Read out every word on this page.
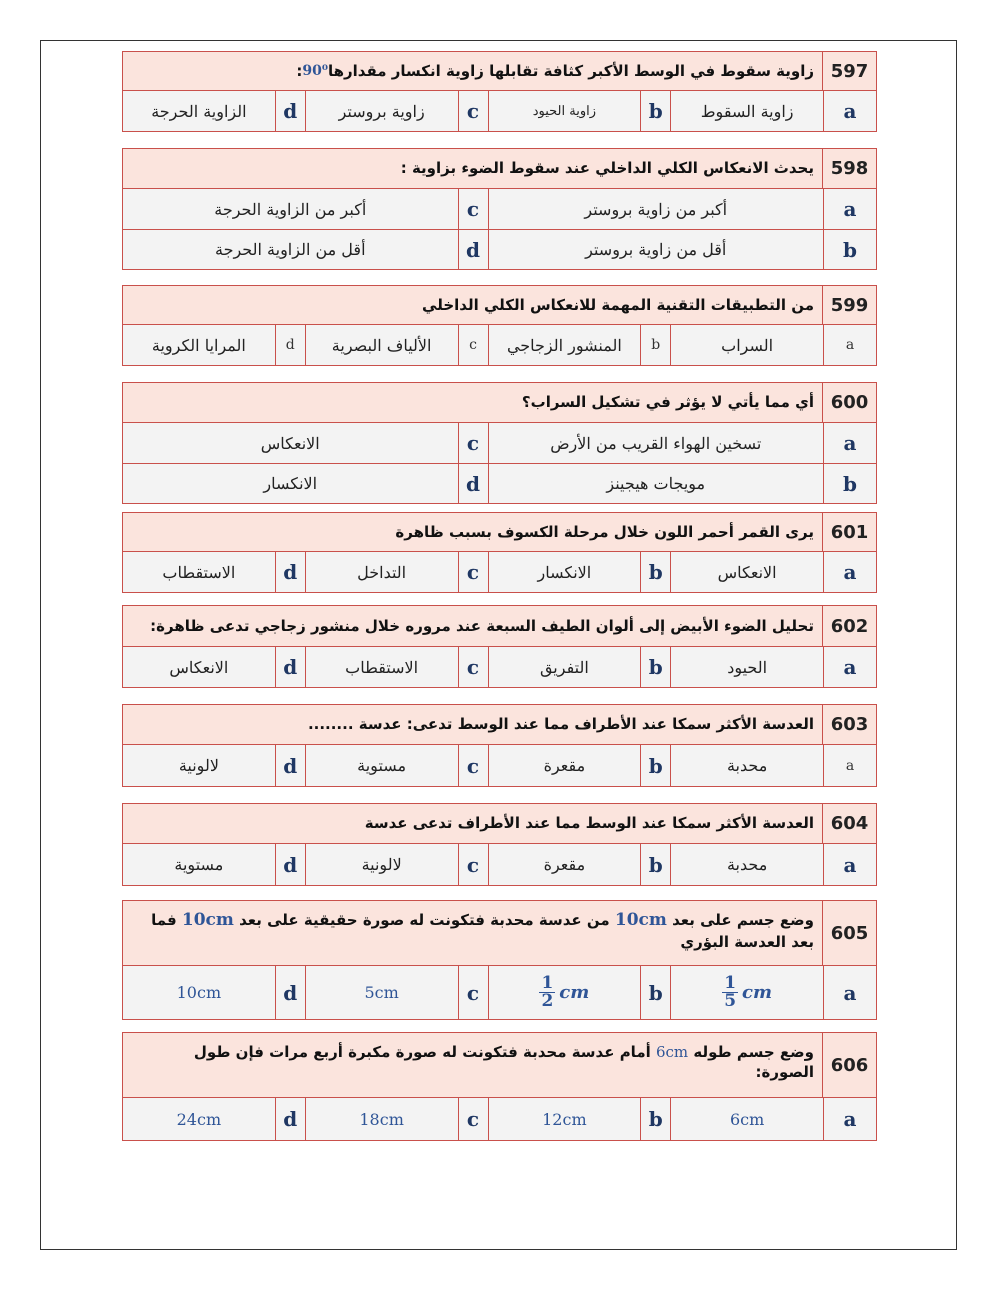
597
زاوية سقوط في الوسط الأكبر كثافة تقابلها زاوية انكسار مقدارها
90⁰
:
a
زاوية السقوط
b
زاوية الحيود
c
زاوية بروستر
d
الزاوية الحرجة
598
يحدث الانعكاس الكلي الداخلي عند سقوط الضوء بزاوية :
a
أكبر من زاوية بروستر
c
أكبر من الزاوية الحرجة
b
أقل من زاوية بروستر
d
أقل من الزاوية الحرجة
599
من التطبيقات التقنية المهمة للانعكاس الكلي الداخلي
a
السراب
b
المنشور الزجاجي
c
الألياف البصرية
d
المرايا الكروية
600
أي مما يأتي لا يؤثر في تشكيل السراب؟
a
تسخين الهواء القريب من الأرض
c
الانعكاس
b
مويجات هيجينز
d
الانكسار
601
يرى القمر أحمر اللون خلال مرحلة الكسوف بسبب ظاهرة
a
الانعكاس
b
الانكسار
c
التداخل
d
الاستقطاب
602
تحليل الضوء الأبيض إلى ألوان الطيف السبعة عند مروره خلال منشور زجاجي تدعى ظاهرة:
a
الحيود
b
التفريق
c
الاستقطاب
d
الانعكاس
603
العدسة الأكثر سمكا عند الأطراف مما عند الوسط تدعى: عدسة ........
a
محدبة
b
مقعرة
c
مستوية
d
لالونية
604
العدسة الأكثر سمكا عند الوسط مما عند الأطراف تدعى عدسة
a
محدبة
b
مقعرة
c
لالونية
d
مستوية
605
وضع جسم على بعد 10cm من عدسة محدبة فتكونت له صورة حقيقية على بعد 10cm فما بعد العدسة البؤري
a
1
5 cm
b
1
2 cm
c
5cm
d
10cm
606
وضع جسم طوله 6cm أمام عدسة محدبة فتكونت له صورة مكبرة أربع مرات فإن طول الصورة:
a
6cm
b
12cm
c
18cm
d
24cm
